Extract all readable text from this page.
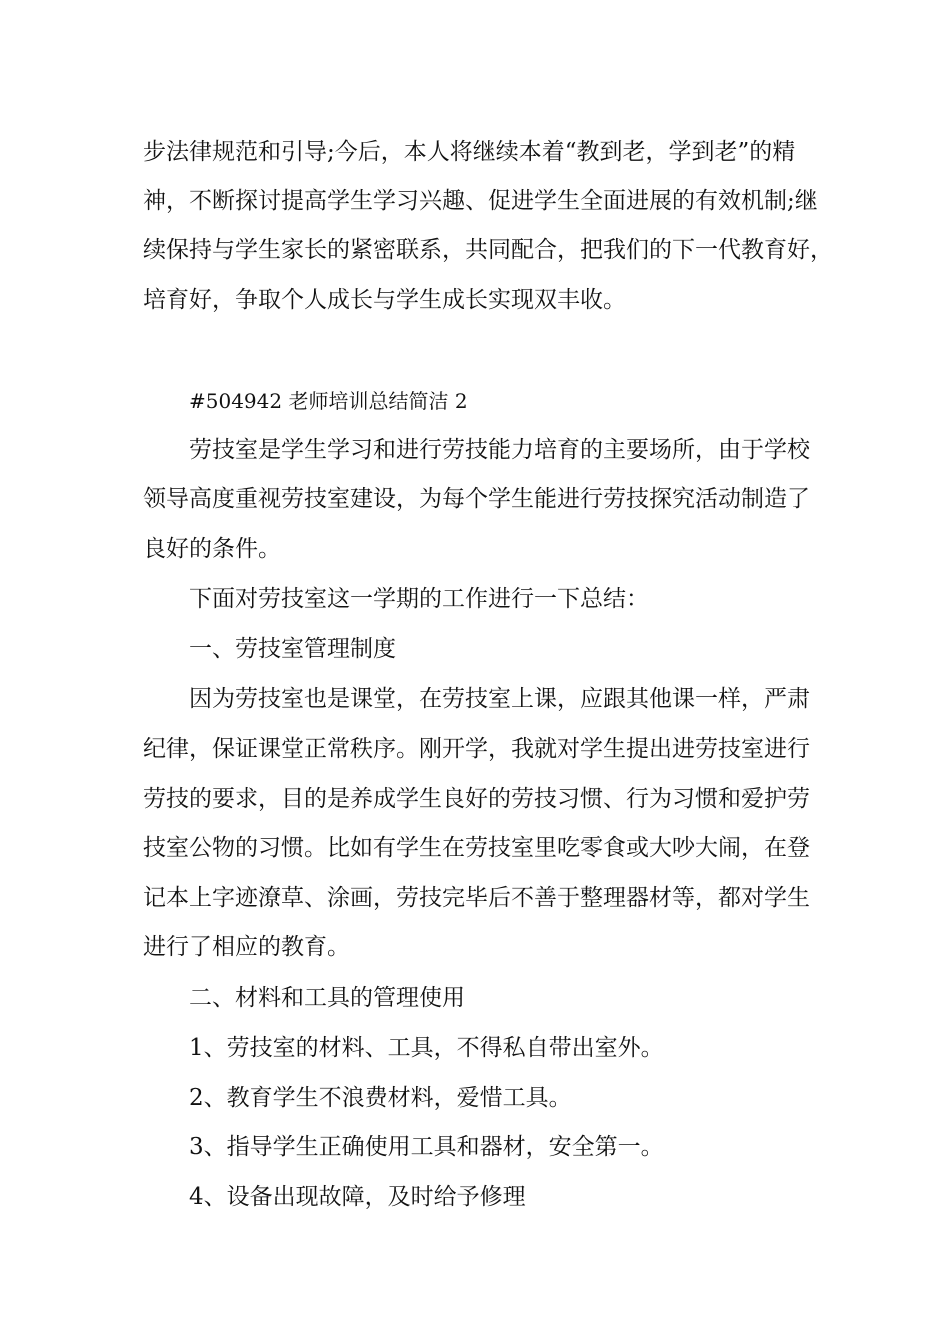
步法律规范和引导;今后，本人将继续本着“教到老，学到老”的精
神，不断探讨提高学生学习兴趣、促进学生全面进展的有效机制;继
续保持与学生家长的紧密联系，共同配合，把我们的下一代教育好，
培育好，争取个人成长与学生成长实现双丰收。
#504942 老师培训总结简洁 2
劳技室是学生学习和进行劳技能力培育的主要场所，由于学校
领导高度重视劳技室建设，为每个学生能进行劳技探究活动制造了
良好的条件。
下面对劳技室这一学期的工作进行一下总结：
一、劳技室管理制度
因为劳技室也是课堂，在劳技室上课，应跟其他课一样，严肃
纪律，保证课堂正常秩序。刚开学，我就对学生提出进劳技室进行
劳技的要求，目的是养成学生良好的劳技习惯、行为习惯和爱护劳
技室公物的习惯。比如有学生在劳技室里吃零食或大吵大闹，在登
记本上字迹潦草、涂画，劳技完毕后不善于整理器材等，都对学生
进行了相应的教育。
二、材料和工具的管理使用
1、劳技室的材料、工具，不得私自带出室外。
2、教育学生不浪费材料，爱惜工具。
3、指导学生正确使用工具和器材，安全第一。
4、设备出现故障，及时给予修理
